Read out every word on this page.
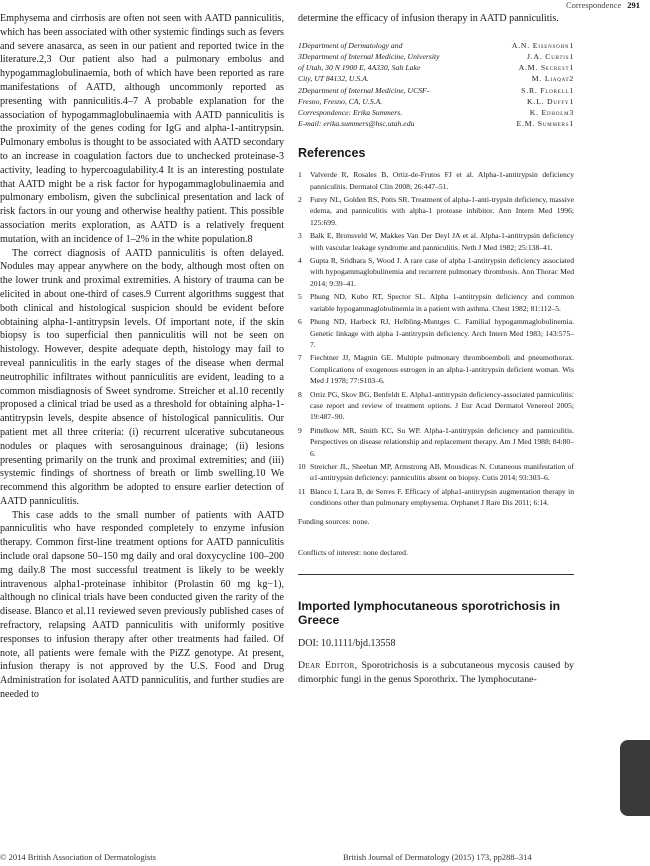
Correspondence 291

Emphysema and cirrhosis are often not seen with AATD panniculitis, which has been associated with other systemic findings such as fevers and severe anasarca, as seen in our patient and reported twice in the literature.2,3 Our patient also had a pulmonary embolus and hypogammaglobulinaemia, both of which have been reported as rare manifestations of AATD, although uncommonly reported as presenting with panniculitis.4–7 A probable explanation for the association of hypogammaglobulinaemia with AATD panniculitis is the proximity of the genes coding for IgG and alpha-1-antitrypsin. Pulmonary embolus is thought to be associated with AATD secondary to an increase in coagulation factors due to unchecked proteinase-3 activity, leading to hypercoagulability.4 It is an interesting postulate that AATD might be a risk factor for hypogammaglobulinaemia and pulmonary embolism, given the subclinical presentation and lack of risk factors in our young and otherwise healthy patient. This possible association merits exploration, as AATD is a relatively frequent mutation, with an incidence of 1–2% in the white population.8

The correct diagnosis of AATD panniculitis is often delayed. Nodules may appear anywhere on the body, although most often on the lower trunk and proximal extremities. A history of trauma can be elicited in about one-third of cases.9 Current algorithms suggest that both clinical and histological suspicion should be evident before obtaining alpha-1-antitrypsin levels. Of important note, if the skin biopsy is too superficial then panniculitis will not be seen on histology. However, despite adequate depth, histology may fail to reveal panniculitis in the early stages of the disease when dermal neutrophilic infiltrates without panniculitis are evident, leading to a common misdiagnosis of Sweet syndrome. Streicher et al.10 recently proposed a clinical triad be used as a threshold for obtaining alpha-1-antitrypsin levels, despite absence of histological panniculitis. Our patient met all three criteria: (i) recurrent ulcerative subcutaneous nodules or plaques with serosanguinous drainage; (ii) lesions presenting primarily on the trunk and proximal extremities; and (iii) systemic findings of shortness of breath or limb swelling.10 We recommend this algorithm be adopted to ensure earlier detection of AATD panniculitis.

This case adds to the small number of patients with AATD panniculitis who have responded completely to enzyme infusion therapy. Common first-line treatment options for AATD panniculitis include oral dapsone 50–150 mg daily and oral doxycycline 100–200 mg daily.8 The most successful treatment is likely to be weekly intravenous alpha1-proteinase inhibitor (Prolastin 60 mg kg−1), although no clinical trials have been conducted given the rarity of the disease. Blanco et al.11 reviewed seven previously published cases of refractory, relapsing AATD panniculitis with uniformly positive responses to infusion therapy after other treatments had failed. Of note, all patients were female with the PiZZ genotype. At present, infusion therapy is not approved by the U.S. Food and Drug Administration for isolated AATD panniculitis, and further studies are needed to

determine the efficacy of infusion therapy in AATD panniculitis.

1Department of Dermatology and	A.N. Eisensohn1
3Department of Internal Medicine, University	J.A. Curtis1
of Utah, 30 N 1900 E, 4A330, Salt Lake	A.M. Secrest1
City, UT 84132, U.S.A.	M. Liaqat2
2Department of Internal Medicine, UCSF-	S.R. Florell1
Fresno, Fresno, CA, U.S.A.	K.L. Duffy1
Correspondence: Erika Summers.	K. Edholm3
E-mail: erika.summers@hsc.utah.edu	E.M. Summers1
References
1 Valverde R, Rosales B, Ortiz-de-Frutos FJ et al. Alpha-1-antitrypsin deficiency panniculitis. Dermatol Clin 2008; 26:447–51.
2 Furey NL, Golden RS, Potts SR. Treatment of alpha-1-anti-trypsin deficiency, massive edema, and panniculitis with alpha-1 protease inhibitor. Ann Intern Med 1996; 125:699.
3 Balk E, Bronsveld W, Makkes Van Der Deyl JA et al. Alpha-1-antitrypsin deficiency with vascular leakage syndrome and panniculitis. Neth J Med 1982; 25:138–41.
4 Gupta R, Sridhara S, Wood J. A rare case of alpha 1-antitrypsin deficiency associated with hypogammaglobulinemia and recurrent pulmonary thrombosis. Ann Thorac Med 2014; 9:39–41.
5 Phung ND, Kubo RT, Spector SL. Alpha 1-antitrypsin deficiency and common variable hypogammaglobulinemia in a patient with asthma. Chest 1982; 81:112–5.
6 Phung ND, Harbeck RJ, Helbling-Muntges C. Familial hypogammaglobulinemia. Genetic linkage with alpha 1-antitrypsin deficiency. Arch Intern Med 1983; 143:575–7.
7 Fiechtner JJ, Magnin GE. Multiple pulmonary thromboemboli and pneumothorax. Complications of exogenous estrogen in an alpha-1-antitrypsin deficient woman. Wis Med J 1978; 77:S103–6.
8 Ortiz PG, Skov BG, Benfeldt E. Alpha1-antitrypsin deficiency-associated panniculitis: case report and review of treatment options. J Eur Acad Dermatol Venereol 2005; 19:487–90.
9 Pittelkow MR, Smith KC, Su WP. Alpha-1-antitrypsin deficiency and panniculitis. Perspectives on disease relationship and replacement therapy. Am J Med 1988; 84:80–6.
10 Streicher JL, Sheehan MP, Armstrong AB, Mousdicas N. Cutaneous manifestation of α1-antitrypsin deficiency: panniculitis absent on biopsy. Cutis 2014; 93:303–6.
11 Blanco I, Lara B, de Serres F. Efficacy of alpha1-antitrypsin augmentation therapy in conditions other than pulmonary emphysema. Orphanet J Rare Dis 2011; 6:14.
Funding sources: none.
Conflicts of interest: none declared.
Imported lymphocutaneous sporotrichosis in Greece
DOI: 10.1111/bjd.13558
Dear Editor, Sporotrichosis is a subcutaneous mycosis caused by dimorphic fungi in the genus Sporothrix. The lymphocutane-
© 2014 British Association of Dermatologists	British Journal of Dermatology (2015) 173, pp288–314
